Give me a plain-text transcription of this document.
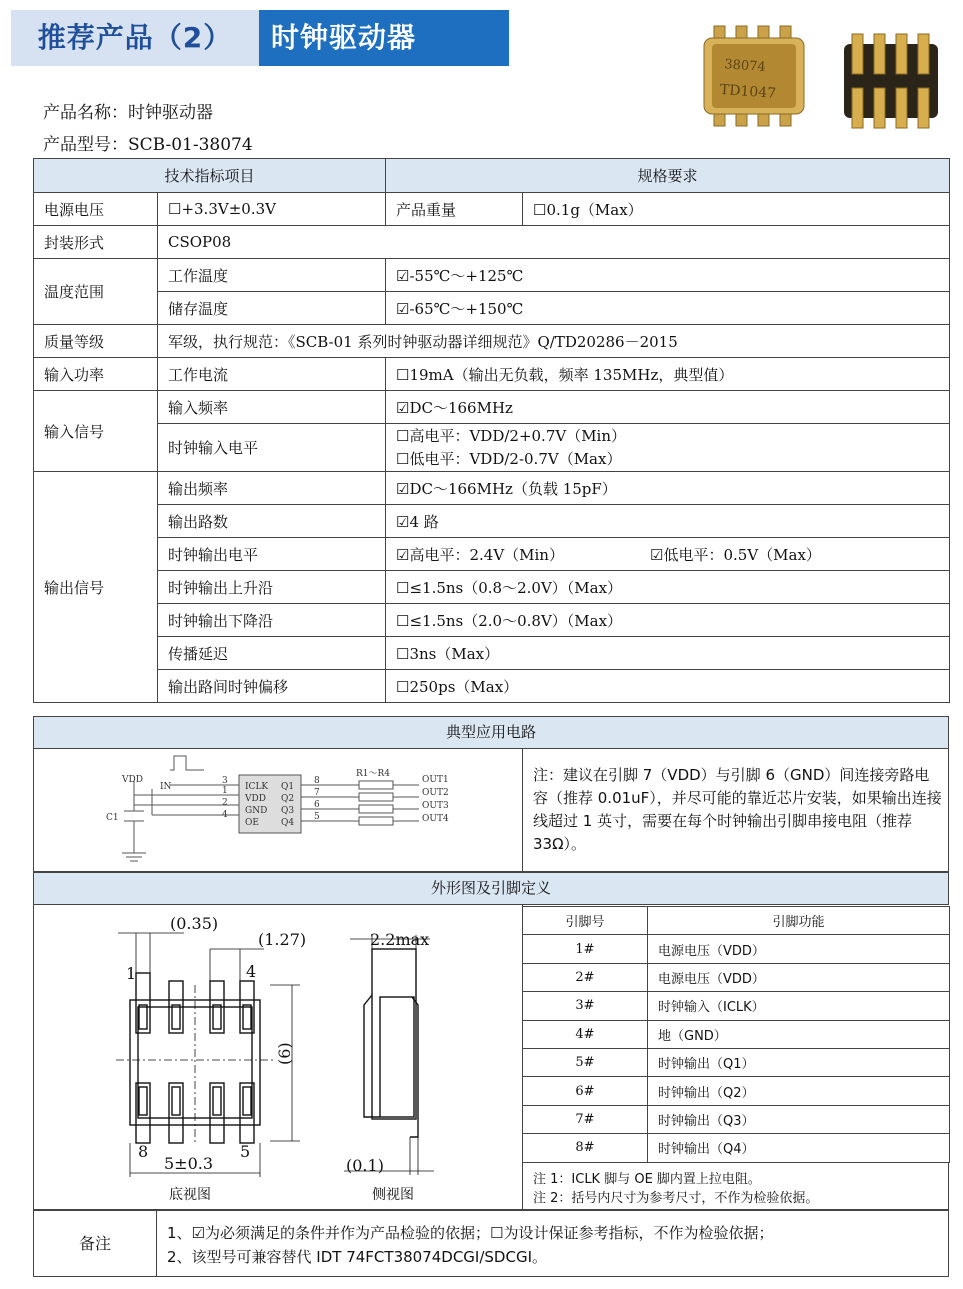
推荐产品（2）	时钟驱动器
38074
TD1047
产品名称：时钟驱动器
产品型号：SCB-01-38074
技术指标项目		规格要求	
电源电压	☐+3.3V±0.3V	产品重量	☐0.1g（Max）
封装形式	CSOP08		
温度范围	工作温度	☑-55℃～+125℃	
	储存温度	☑-65℃～+150℃	
质量等级	军级，执行规范：《SCB-01 系列时钟驱动器详细规范》Q/TD20286－2015		
输入功率	工作电流	☐19mA（输出无负载，频率 135MHz，典型值）	
输入信号	输入频率	☑DC～166MHz	
	时钟输入电平	☐高电平：VDD/2+0.7V（Min）
☐低电平：VDD/2-0.7V（Max）	

输出信号	输出频率	☑DC～166MHz（负载 15pF）	
	输出路数	☑4 路	
	时钟输出电平	☑高电平：2.4V（Min） ☑低电平：0.5V（Max）	
	时钟输出上升沿	☐≤1.5ns（0.8～2.0V）（Max）	
	时钟输出下降沿	☐≤1.5ns（2.0～0.8V）（Max）	
	传播延迟	☐3ns（Max）	
	输出路间时钟偏移	☐250ps（Max）	
典型应用电路
VDD
IN
C1
R1～R4
3
1
2
4
8
7
6
5
ICLK
VDD
GND
OE
Q1
Q2
Q3
Q4
OUT1
OUT2
OUT3
OUT4
注：建议在引脚 7（VDD）与引脚 6（GND）间连接旁路电容（推荐 0.01uF），并尽可能的靠近芯片安装，如果输出连接线超过 1 英寸，需要在每个时钟输出引脚串接电阻（推荐 33Ω）。
外形图及引脚定义
(0.35)
(1.27)	2.2max
5±0.3	(0.1)
(6)
1	4
8	5
底视图	侧视图
引脚号	引脚功能
1#	电源电压（VDD）
2#	电源电压（VDD）
3#	时钟输入（ICLK）
4#	地（GND）
5#	时钟输出（Q1）
6#	时钟输出（Q2）
7#	时钟输出（Q3）
8#	时钟输出（Q4）
注 1：ICLK 脚与 OE 脚内置上拉电阻。
注 2：括号内尺寸为参考尺寸，不作为检验依据。
备注
1、☑为必须满足的条件并作为产品检验的依据；☐为设计保证参考指标，不作为检验依据；
2、该型号可兼容替代 IDT 74FCT38074DCGI/SDCGI。
